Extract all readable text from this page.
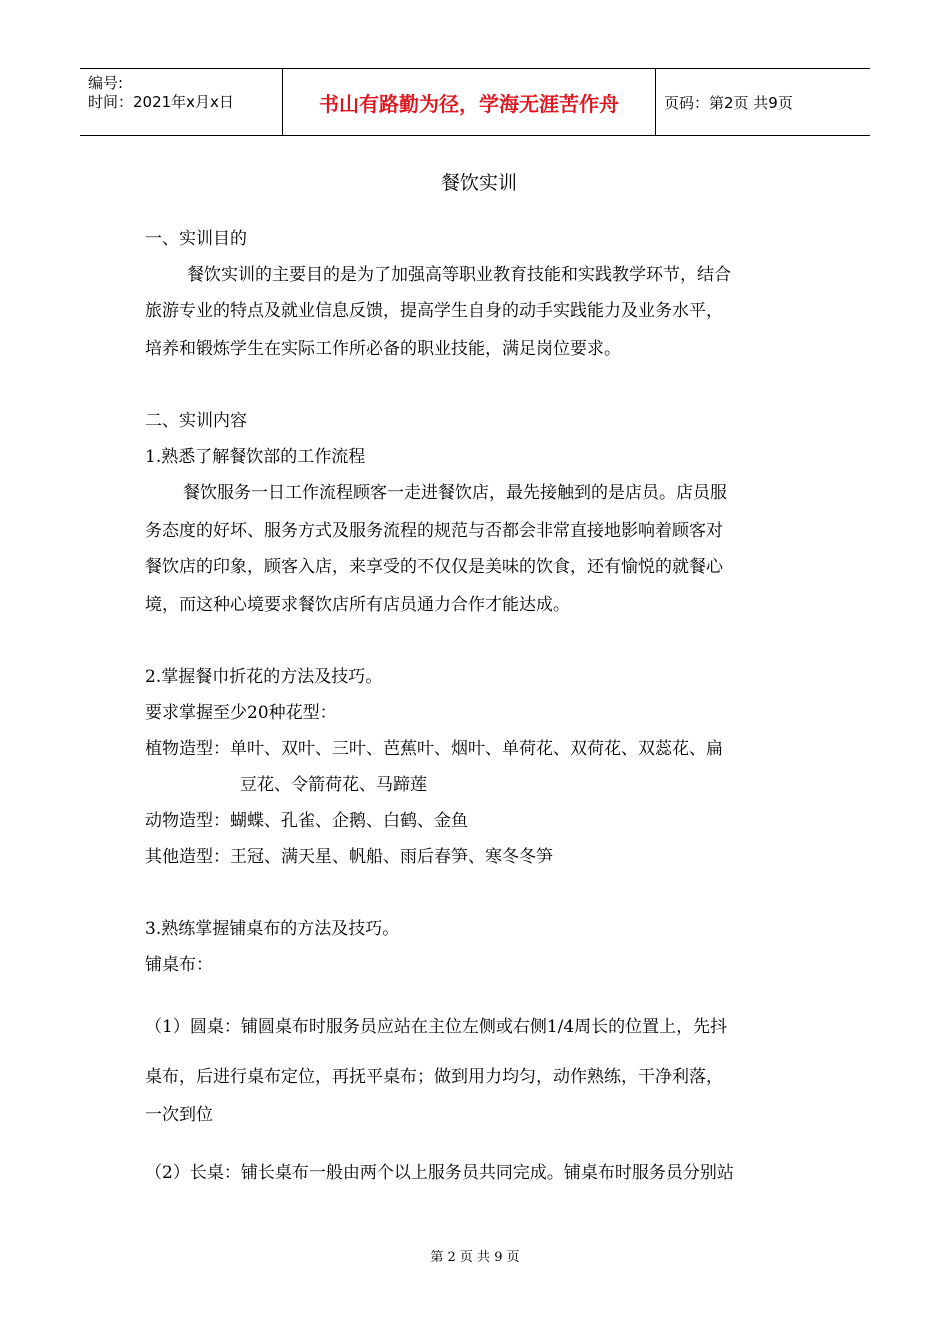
编号:
时间：2021年x月x日	书山有路勤为径，学海无涯苦作舟	页码：第2页 共9页
餐饮实训
一、实训目的
餐饮实训的主要目的是为了加强高等职业教育技能和实践教学环节，结合
旅游专业的特点及就业信息反馈，提高学生自身的动手实践能力及业务水平，
培养和锻炼学生在实际工作所必备的职业技能，满足岗位要求。
二、实训内容
1.熟悉了解餐饮部的工作流程
餐饮服务一日工作流程顾客一走进餐饮店，最先接触到的是店员。店员服
务态度的好坏、服务方式及服务流程的规范与否都会非常直接地影响着顾客对
餐饮店的印象，顾客入店，来享受的不仅仅是美味的饮食，还有愉悦的就餐心
境，而这种心境要求餐饮店所有店员通力合作才能达成。
2.掌握餐巾折花的方法及技巧。
要求掌握至少20种花型：
植物造型：单叶、双叶、三叶、芭蕉叶、烟叶、单荷花、双荷花、双蕊花、扁
豆花、令箭荷花、马蹄莲
动物造型：蝴蝶、孔雀、企鹅、白鹤、金鱼
其他造型：王冠、满天星、帆船、雨后春笋、寒冬冬笋
3.熟练掌握铺桌布的方法及技巧。
铺桌布：
（1）圆桌：铺圆桌布时服务员应站在主位左侧或右侧1/4周长的位置上，先抖
桌布，后进行桌布定位，再抚平桌布；做到用力均匀，动作熟练，干净利落，
一次到位
（2）长桌：铺长桌布一般由两个以上服务员共同完成。铺桌布时服务员分别站
第 2 页 共 9 页
